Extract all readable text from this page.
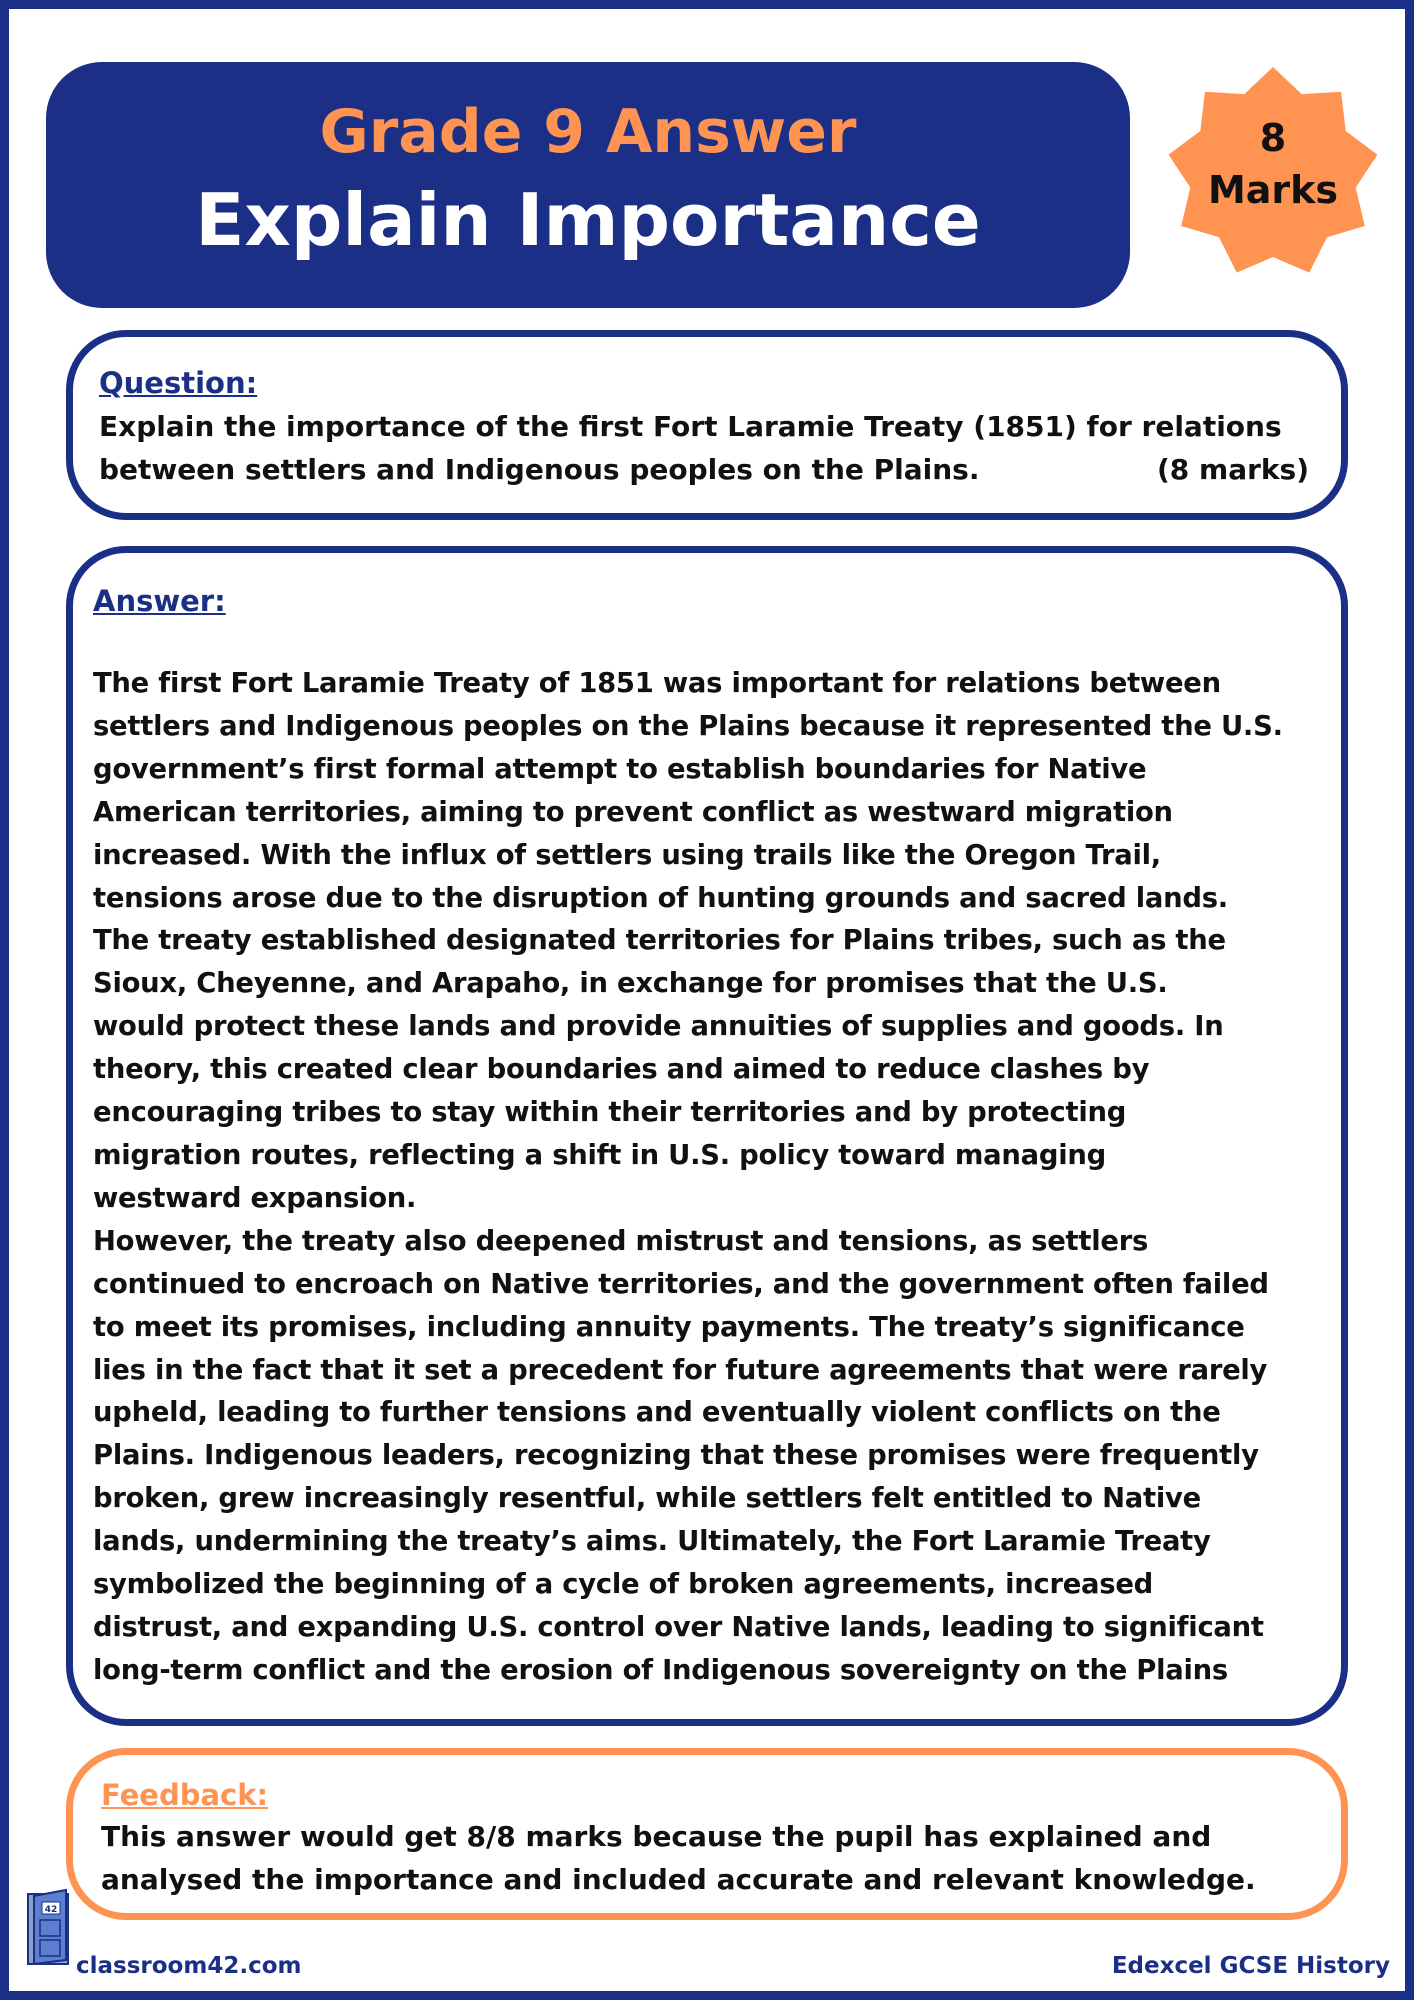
Grade 9 Answer
Explain Importance
8
Marks
Question:
Explain the importance of the first Fort Laramie Treaty (1851) for relations
between settlers and Indigenous peoples on the Plains.	(8 marks)
Answer:
The first Fort Laramie Treaty of 1851 was important for relations between
settlers and Indigenous peoples on the Plains because it represented the U.S.
government’s first formal attempt to establish boundaries for Native
American territories, aiming to prevent conflict as westward migration
increased. With the influx of settlers using trails like the Oregon Trail,
tensions arose due to the disruption of hunting grounds and sacred lands.
The treaty established designated territories for Plains tribes, such as the
Sioux, Cheyenne, and Arapaho, in exchange for promises that the U.S.
would protect these lands and provide annuities of supplies and goods. In
theory, this created clear boundaries and aimed to reduce clashes by
encouraging tribes to stay within their territories and by protecting
migration routes, reflecting a shift in U.S. policy toward managing
westward expansion.
However, the treaty also deepened mistrust and tensions, as settlers
continued to encroach on Native territories, and the government often failed
to meet its promises, including annuity payments. The treaty’s significance
lies in the fact that it set a precedent for future agreements that were rarely
upheld, leading to further tensions and eventually violent conflicts on the
Plains. Indigenous leaders, recognizing that these promises were frequently
broken, grew increasingly resentful, while settlers felt entitled to Native
lands, undermining the treaty’s aims. Ultimately, the Fort Laramie Treaty
symbolized the beginning of a cycle of broken agreements, increased
distrust, and expanding U.S. control over Native lands, leading to significant
long-term conflict and the erosion of Indigenous sovereignty on the Plains
Feedback:
This answer would get 8/8 marks because the pupil has explained and
analysed the importance and included accurate and relevant knowledge.
42
classroom42.com	Edexcel GCSE History
